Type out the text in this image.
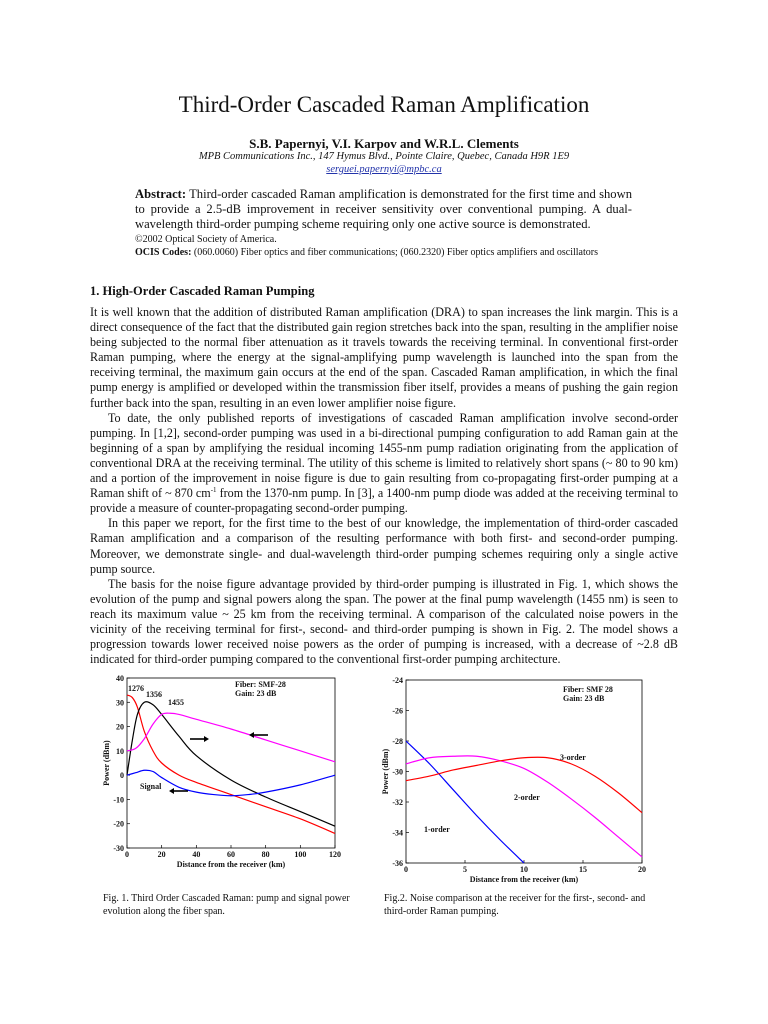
Third-Order Cascaded Raman Amplification
S.B. Papernyi, V.I. Karpov and W.R.L. Clements
MPB Communications Inc., 147 Hymus Blvd., Pointe Claire, Quebec, Canada H9R 1E9
serguei.papernyi@mpbc.ca
Abstract: Third-order cascaded Raman amplification is demonstrated for the first time and shown to provide a 2.5-dB improvement in receiver sensitivity over conventional pumping. A dual-wavelength third-order pumping scheme requiring only one active source is demonstrated.
©2002 Optical Society of America.
OCIS Codes: (060.0060) Fiber optics and fiber communications; (060.2320) Fiber optics amplifiers and oscillators
1. High-Order Cascaded Raman Pumping

It is well known that the addition of distributed Raman amplification (DRA) to span increases the link margin. This is a direct consequence of the fact that the distributed gain region stretches back into the span, resulting in the amplifier noise being subjected to the normal fiber attenuation as it travels towards the receiving terminal. In conventional first-order Raman pumping, where the energy at the signal-amplifying pump wavelength is launched into the span from the receiving terminal, the maximum gain occurs at the end of the span. Cascaded Raman amplification, in which the final pump energy is amplified or developed within the transmission fiber itself, provides a means of pushing the gain region further back into the span, resulting in an even lower amplifier noise figure.

To date, the only published reports of investigations of cascaded Raman amplification involve second-order pumping. In [1,2], second-order pumping was used in a bi-directional pumping configuration to add Raman gain at the beginning of a span by amplifying the residual incoming 1455-nm pump radiation originating from the application of conventional DRA at the receiving terminal. The utility of this scheme is limited to relatively short spans (~ 80 to 90 km) and a portion of the improvement in noise figure is due to gain resulting from co-propagating first-order pumping at a Raman shift of ~ 870 $cm^{-1}$ from the 1370-nm pump. In [3], a 1400-nm pump diode was added at the receiving terminal to provide a measure of counter-propagating second-order pumping.

In this paper we report, for the first time to the best of our knowledge, the implementation of third-order cascaded Raman amplification and a comparison of the resulting performance with both first- and second-order pumping. Moreover, we demonstrate single- and dual-wavelength third-order pumping schemes requiring only a single active pump source.

The basis for the noise figure advantage provided by third-order pumping is illustrated in Fig. 1, which shows the evolution of the pump and signal powers along the span. The power at the final pump wavelength (1455 nm) is seen to reach its maximum value ~ 25 km from the receiving terminal. A comparison of the calculated noise powers in the vicinity of the receiving terminal for first-, second- and third-order pumping is shown in Fig. 2. The model shows a progression towards lower received noise powers as the order of pumping is increased, with a decrease of ~2.8 dB indicated for third-order pumping compared to the conventional first-order pumping architecture.

0	20	40	60	80	100	120
-30
-20
-10
0
10
20
30
40
Distance from the receiver (km)
Power (dBm)
1276
1356
1455
Signal
Fiber: SMF-28
Gain: 23 dB
0	5	10	15	20
-36
-34
-32
-30
-28
-26
-24
Distance from the receiver (km)
Power (dBm)
1-order
2-order
3-order
Fiber: SMF 28
Gain: 23 dB
Fig. 1. Third Order Cascaded Raman: pump and signal power evolution along the fiber span.
Fig.2. Noise comparison at the receiver for the first-, second- and third-order Raman pumping.
